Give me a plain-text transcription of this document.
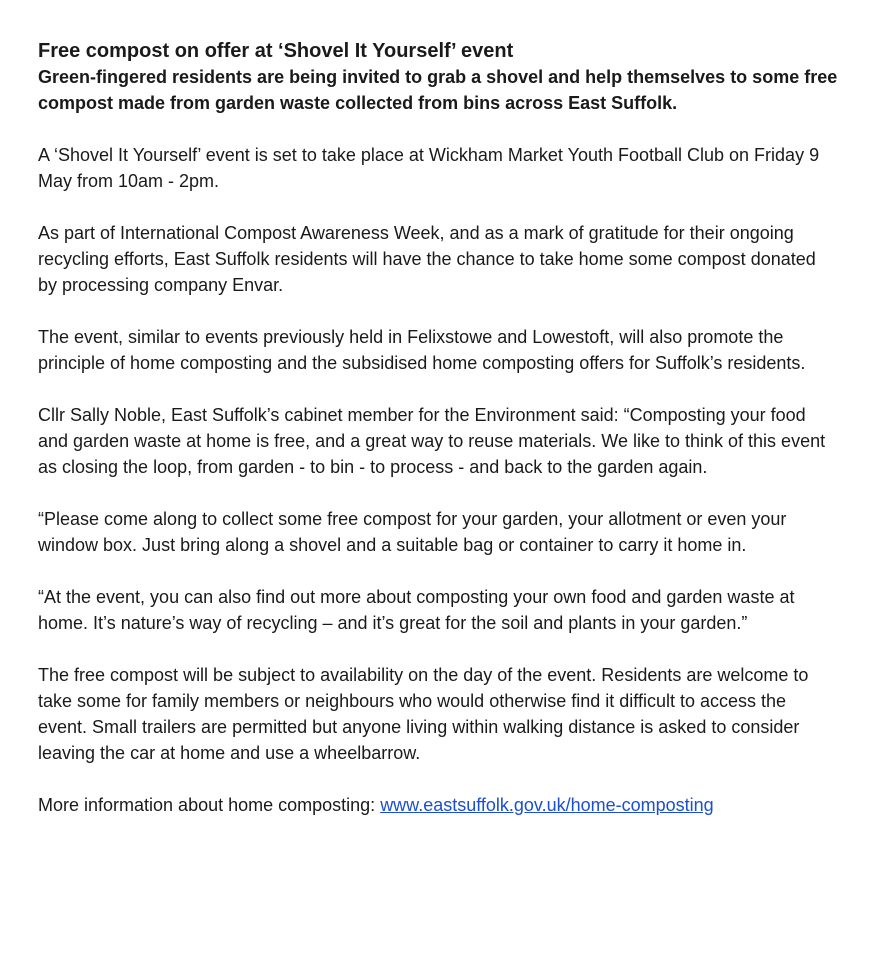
Free compost on offer at ‘Shovel It Yourself’ event

Green-fingered residents are being invited to grab a shovel and help themselves to some free compost made from garden waste collected from bins across East Suffolk.

A ‘Shovel It Yourself’ event is set to take place at Wickham Market Youth Football Club on Friday 9 May from 10am - 2pm.

As part of International Compost Awareness Week, and as a mark of gratitude for their ongoing recycling efforts, East Suffolk residents will have the chance to take home some compost donated by processing company Envar.

The event, similar to events previously held in Felixstowe and Lowestoft, will also promote the principle of home composting and the subsidised home composting offers for Suffolk’s residents.

Cllr Sally Noble, East Suffolk’s cabinet member for the Environment said: “Composting your food and garden waste at home is free, and a great way to reuse materials. We like to think of this event as closing the loop, from garden - to bin - to process - and back to the garden again.

“Please come along to collect some free compost for your garden, your allotment or even your window box. Just bring along a shovel and a suitable bag or container to carry it home in.

“At the event, you can also find out more about composting your own food and garden waste at home. It’s nature’s way of recycling – and it’s great for the soil and plants in your garden.”

The free compost will be subject to availability on the day of the event. Residents are welcome to take some for family members or neighbours who would otherwise find it difficult to access the event. Small trailers are permitted but anyone living within walking distance is asked to consider leaving the car at home and use a wheelbarrow.

More information about home composting: www.eastsuffolk.gov.uk/home-composting
